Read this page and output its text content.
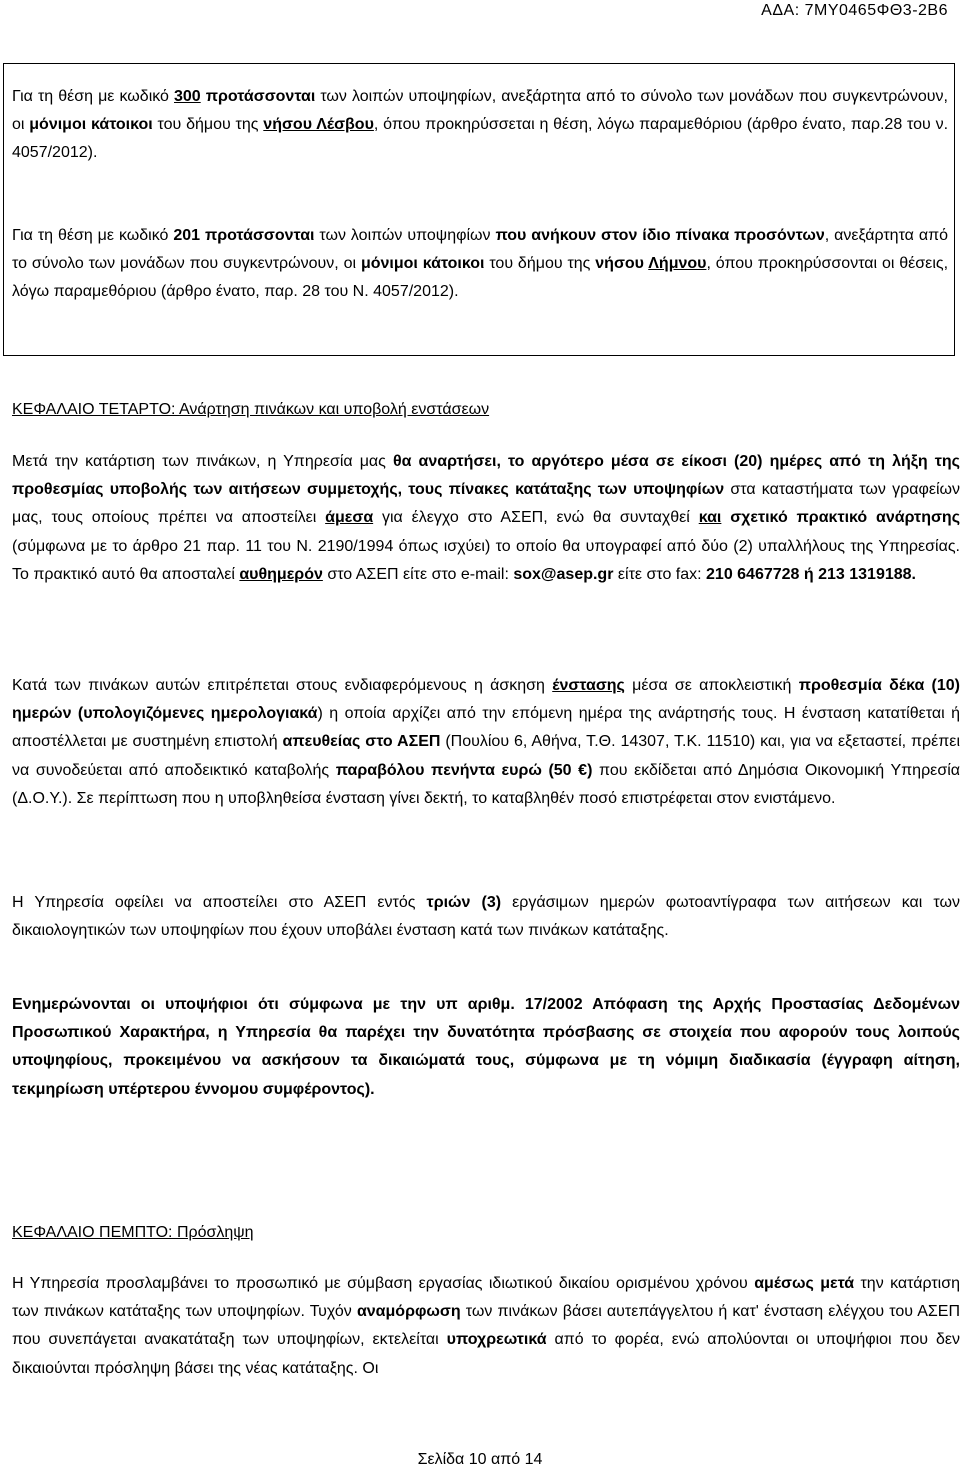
ΑΔΑ: 7ΜΥ0465ΦΘ3-2Β6

Για τη θέση με κωδικό 300 προτάσσονται των λοιπών υποψηφίων, ανεξάρτητα από το σύνολο των μονάδων που συγκεντρώνουν, οι μόνιμοι κάτοικοι του δήμου της νήσου Λέσβου, όπου προκηρύσσεται η θέση, λόγω παραμεθόριου (άρθρο ένατο, παρ.28 του ν. 4057/2012).

Για τη θέση με κωδικό 201 προτάσσονται των λοιπών υποψηφίων που ανήκουν στον ίδιο πίνακα προσόντων, ανεξάρτητα από το σύνολο των μονάδων που συγκεντρώνουν, οι μόνιμοι κάτοικοι του δήμου της νήσου Λήμνου, όπου προκηρύσσονται οι θέσεις, λόγω παραμεθόριου (άρθρο ένατο, παρ. 28 του Ν. 4057/2012).

ΚΕΦΑΛΑΙΟ ΤΕΤΑΡΤΟ: Ανάρτηση πινάκων και υποβολή ενστάσεων

Μετά την κατάρτιση των πινάκων, η Υπηρεσία μας θα αναρτήσει, το αργότερο μέσα σε είκοσι (20) ημέρες από τη λήξη της προθεσμίας υποβολής των αιτήσεων συμμετοχής, τους πίνακες κατάταξης των υποψηφίων στα καταστήματα των γραφείων μας, τους οποίους πρέπει να αποστείλει άμεσα για έλεγχο στο ΑΣΕΠ, ενώ θα συνταχθεί και σχετικό πρακτικό ανάρτησης (σύμφωνα με το άρθρο 21 παρ. 11 του Ν. 2190/1994 όπως ισχύει) το οποίο θα υπογραφεί από δύο (2) υπαλλήλους της Υπηρεσίας. Το πρακτικό αυτό θα αποσταλεί αυθημερόν στο ΑΣΕΠ είτε στο e-mail: sox@asep.gr είτε στο fax: 210 6467728 ή 213 1319188.

Κατά των πινάκων αυτών επιτρέπεται στους ενδιαφερόμενους η άσκηση ένστασης μέσα σε αποκλειστική προθεσμία δέκα (10) ημερών (υπολογιζόμενες ημερολογιακά) η οποία αρχίζει από την επόμενη ημέρα της ανάρτησής τους. Η ένσταση κατατίθεται ή αποστέλλεται με συστημένη επιστολή απευθείας στο ΑΣΕΠ (Πουλίου 6, Αθήνα, Τ.Θ. 14307, Τ.Κ. 11510) και, για να εξεταστεί, πρέπει να συνοδεύεται από αποδεικτικό καταβολής παραβόλου πενήντα ευρώ (50 €) που εκδίδεται από Δημόσια Οικονομική Υπηρεσία (Δ.Ο.Υ.). Σε περίπτωση που η υποβληθείσα ένσταση γίνει δεκτή, το καταβληθέν ποσό επιστρέφεται στον ενιστάμενο.

Η Υπηρεσία οφείλει να αποστείλει στο ΑΣΕΠ εντός τριών (3) εργάσιμων ημερών φωτοαντίγραφα των αιτήσεων και των δικαιολογητικών των υποψηφίων που έχουν υποβάλει ένσταση κατά των πινάκων κατάταξης.

Ενημερώνονται οι υποψήφιοι ότι σύμφωνα με την υπ αριθμ. 17/2002 Απόφαση της Αρχής Προστασίας Δεδομένων Προσωπικού Χαρακτήρα, η Υπηρεσία θα παρέχει την δυνατότητα πρόσβασης σε στοιχεία που αφορούν τους λοιπούς υποψηφίους, προκειμένου να ασκήσουν τα δικαιώματά τους, σύμφωνα με τη νόμιμη διαδικασία (έγγραφη αίτηση, τεκμηρίωση υπέρτερου έννομου συμφέροντος).

ΚΕΦΑΛΑΙΟ ΠΕΜΠΤΟ: Πρόσληψη

Η Υπηρεσία προσλαμβάνει το προσωπικό με σύμβαση εργασίας ιδιωτικού δικαίου ορισμένου χρόνου αμέσως μετά την κατάρτιση των πινάκων κατάταξης των υποψηφίων. Τυχόν αναμόρφωση των πινάκων βάσει αυτεπάγγελτου ή κατ' ένσταση ελέγχου του ΑΣΕΠ που συνεπάγεται ανακατάταξη των υποψηφίων, εκτελείται υποχρεωτικά από το φορέα, ενώ απολύονται οι υποψήφιοι που δεν δικαιούνται πρόσληψη βάσει της νέας κατάταξης. Οι

Σελίδα 10 από 14
